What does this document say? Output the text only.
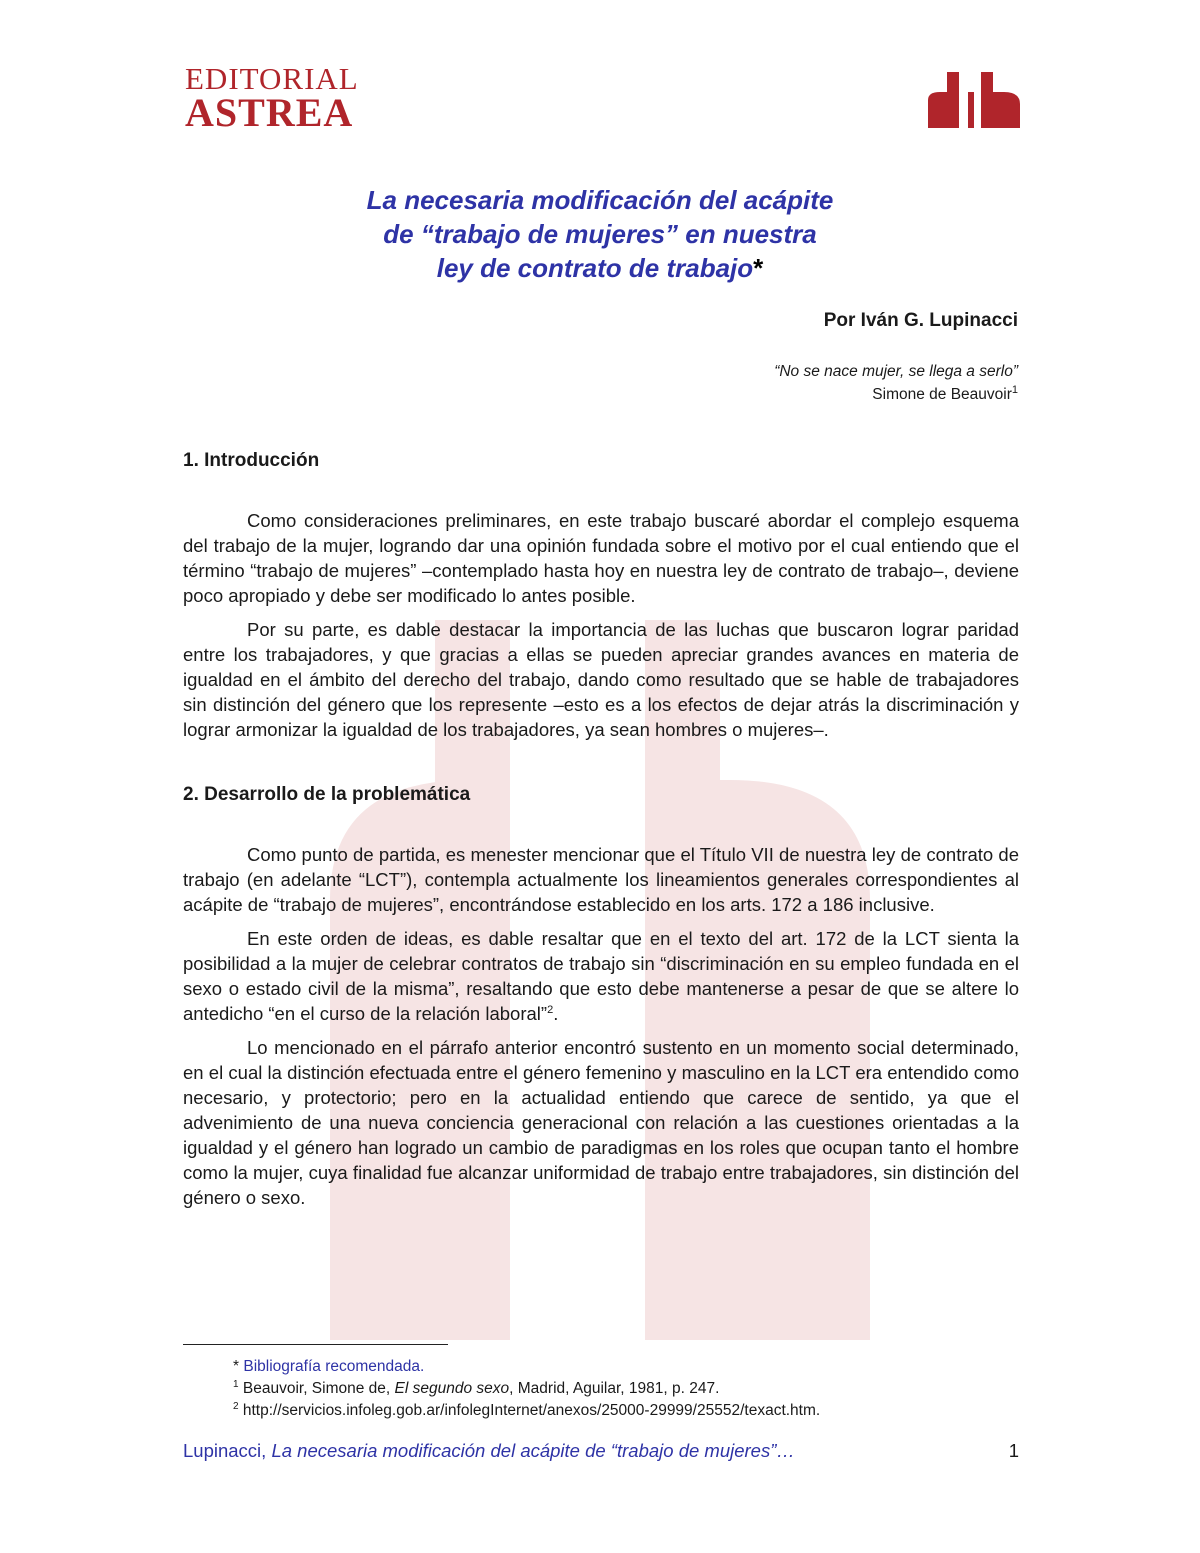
EDITORIAL
ASTREA
La necesaria modificación del acápite
de “trabajo de mujeres” en nuestra
ley de contrato de trabajo*
Por Iván G. Lupinacci
“No se nace mujer, se llega a serlo”
Simone de Beauvoir$^1$
1. Introducción

Como consideraciones preliminares, en este trabajo buscaré abordar el complejo esquema del trabajo de la mujer, logrando dar una opinión fundada sobre el motivo por el cual entiendo que el término “trabajo de mujeres” –contemplado hasta hoy en nuestra ley de contrato de trabajo–, deviene poco apropiado y debe ser modificado lo antes posible.

Por su parte, es dable destacar la importancia de las luchas que buscaron lograr paridad entre los trabajadores, y que gracias a ellas se pueden apreciar grandes avances en materia de igualdad en el ámbito del derecho del trabajo, dando como resultado que se hable de trabajadores sin distinción del género que los represente –esto es a los efectos de dejar atrás la discriminación y lograr armonizar la igualdad de los trabajadores, ya sean hombres o mujeres–.

2. Desarrollo de la problemática

Como punto de partida, es menester mencionar que el Título VII de nuestra ley de contrato de trabajo (en adelante “LCT”), contempla actualmente los lineamientos generales correspondientes al acápite de “trabajo de mujeres”, encontrándose establecido en los arts. 172 a 186 inclusive.

En este orden de ideas, es dable resaltar que en el texto del art. 172 de la LCT sienta la posibilidad a la mujer de celebrar contratos de trabajo sin “discriminación en su empleo fundada en el sexo o estado civil de la misma”, resaltando que esto debe mantenerse a pesar de que se altere lo antedicho “en el curso de la relación laboral”$^2$.

Lo mencionado en el párrafo anterior encontró sustento en un momento social determinado, en el cual la distinción efectuada entre el género femenino y masculino en la LCT era entendido como necesario, y protectorio; pero en la actualidad entiendo que carece de sentido, ya que el advenimiento de una nueva conciencia generacional con relación a las cuestiones orientadas a la igualdad y el género han logrado un cambio de paradigmas en los roles que ocupan tanto el hombre como la mujer, cuya finalidad fue alcanzar uniformidad de trabajo entre trabajadores, sin distinción del género o sexo.

* Bibliografía recomendada.
$^1$ Beauvoir, Simone de, El segundo sexo, Madrid, Aguilar, 1981, p. 247.
$^2$ http://servicios.infoleg.gob.ar/infolegInternet/anexos/25000-29999/25552/texact.htm.
Lupinacci, La necesaria modificación del acápite de “trabajo de mujeres”…	1
